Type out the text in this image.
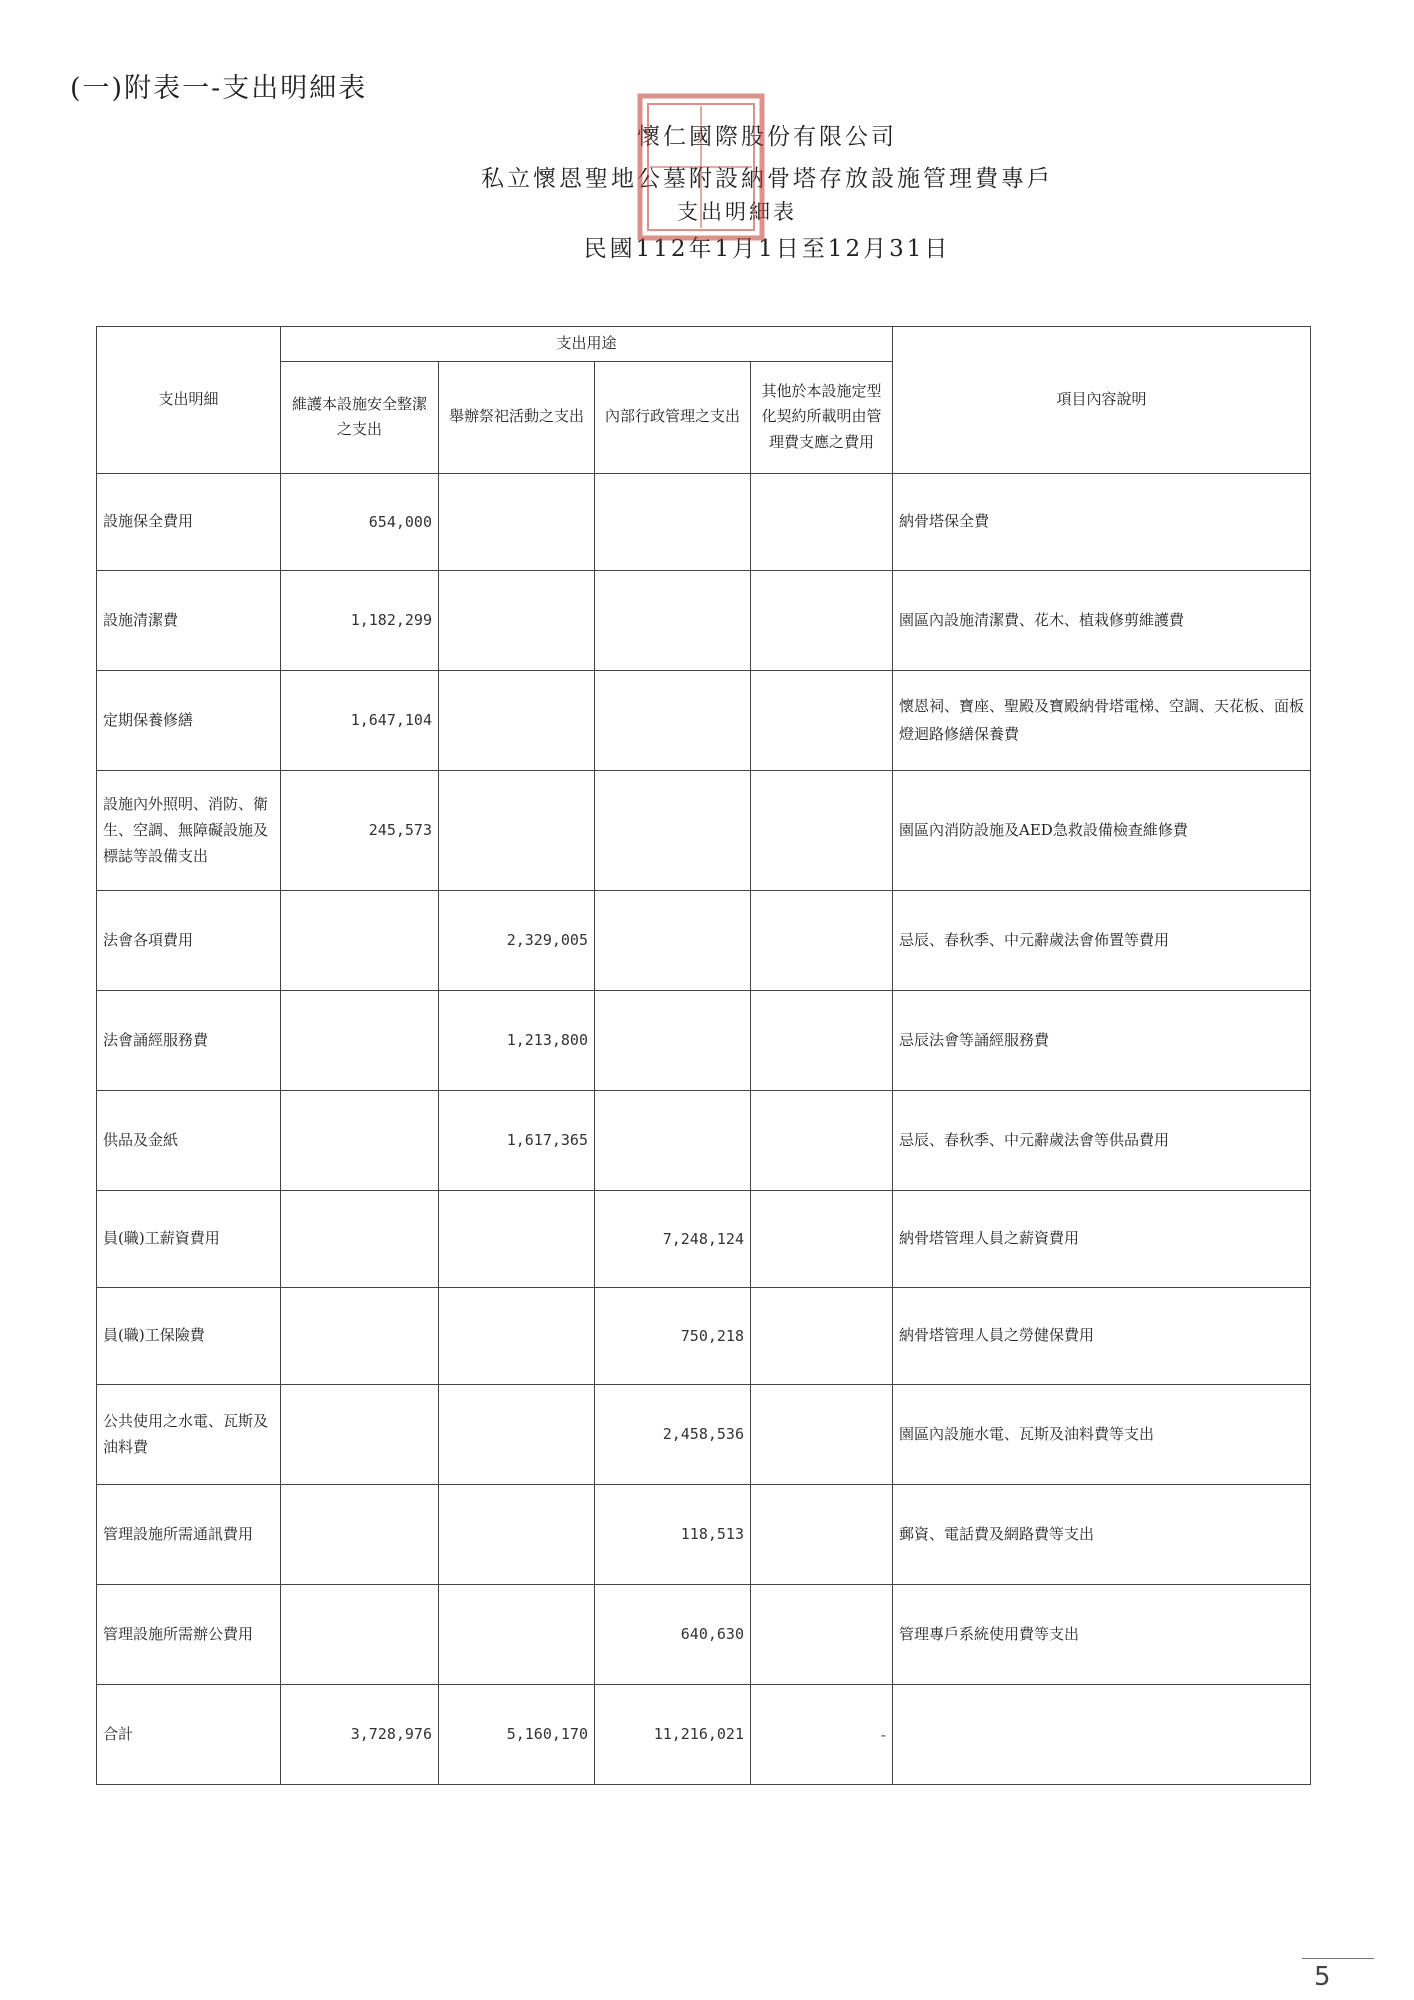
(一)附表一-支出明細表
懷仁國際股份有限公司
私立懷恩聖地公墓附設納骨塔存放設施管理費專戶
支出明細表
民國112年1月1日至12月31日
支出明細	支出用途				項目內容說明
	維護本設施安全整潔之支出	舉辦祭祀活動之支出	內部行政管理之支出	其他於本設施定型化契約所載明由管理費支應之費用	
設施保全費用	654,000				納骨塔保全費
設施清潔費	1,182,299				園區內設施清潔費、花木、植栽修剪維護費
定期保養修繕	1,647,104				懷恩祠、寶座、聖殿及寶殿納骨塔電梯、空調、天花板、面板燈迴路修繕保養費
設施內外照明、消防、衛生、空調、無障礙設施及標誌等設備支出	245,573				園區內消防設施及AED急救設備檢查維修費
法會各項費用		2,329,005			忌辰、春秋季、中元辭歲法會佈置等費用
法會誦經服務費		1,213,800			忌辰法會等誦經服務費
供品及金紙		1,617,365			忌辰、春秋季、中元辭歲法會等供品費用
員(職)工薪資費用			7,248,124		納骨塔管理人員之薪資費用
員(職)工保險費			750,218		納骨塔管理人員之勞健保費用
公共使用之水電、瓦斯及油料費			2,458,536		園區內設施水電、瓦斯及油料費等支出
管理設施所需通訊費用			118,513		郵資、電話費及網路費等支出
管理設施所需辦公費用			640,630		管理專戶系統使用費等支出
合計	3,728,976	5,160,170	11,216,021	-	
5
